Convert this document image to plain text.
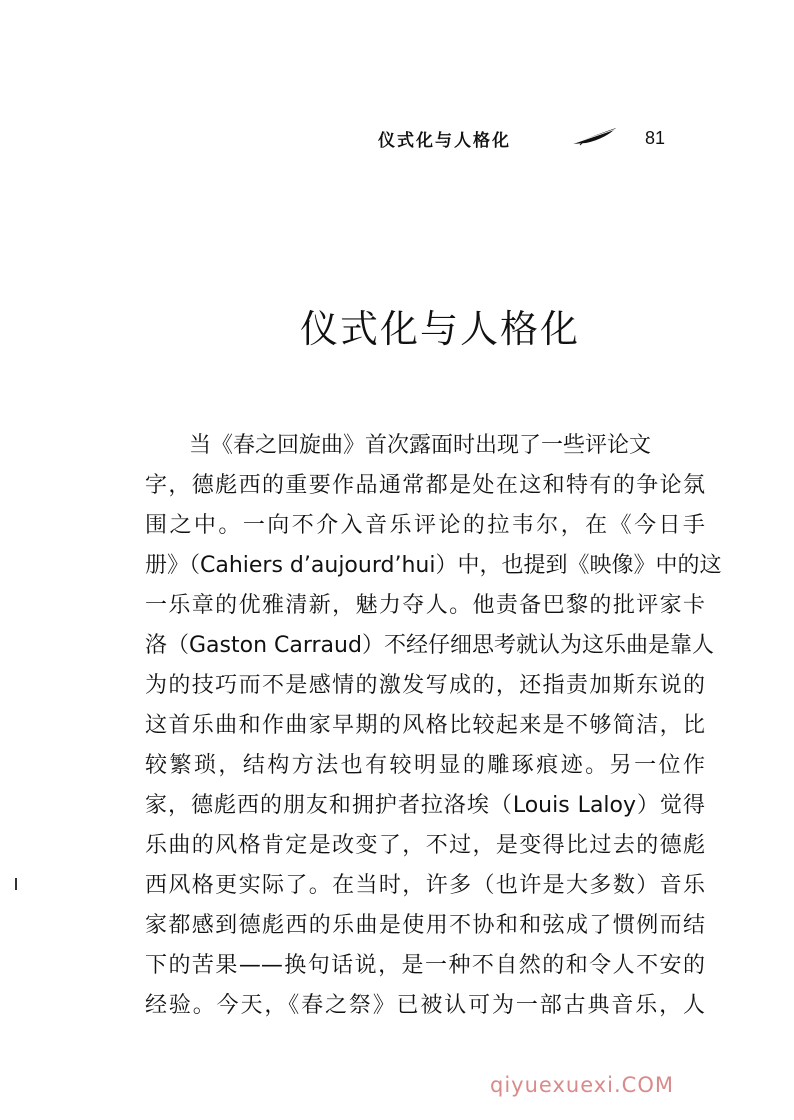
仪式化与人格化	81
仪式化与人格化
　　当《春之回旋曲》首次露面时出现了一些评论文
字，德彪西的重要作品通常都是处在这和特有的争论氛
围之中。一向不介入音乐评论的拉韦尔，在《今日手
册》（Cahiers d’aujourd’hui）中，也提到《映像》中的这
一乐章的优雅清新，魅力夺人。他责备巴黎的批评家卡
洛（Gaston Carraud）不经仔细思考就认为这乐曲是靠人
为的技巧而不是感情的激发写成的，还指责加斯东说的
这首乐曲和作曲家早期的风格比较起来是不够简洁，比
较繁琐，结构方法也有较明显的雕琢痕迹。另一位作
家，德彪西的朋友和拥护者拉洛埃（Louis Laloy）觉得
乐曲的风格肯定是改变了，不过，是变得比过去的德彪
西风格更实际了。在当时，许多（也许是大多数）音乐
家都感到德彪西的乐曲是使用不协和和弦成了惯例而结
下的苦果——换句话说，是一种不自然的和令人不安的
经验。今天，《春之祭》已被认可为一部古典音乐，人
qiyuexuexi.COM
